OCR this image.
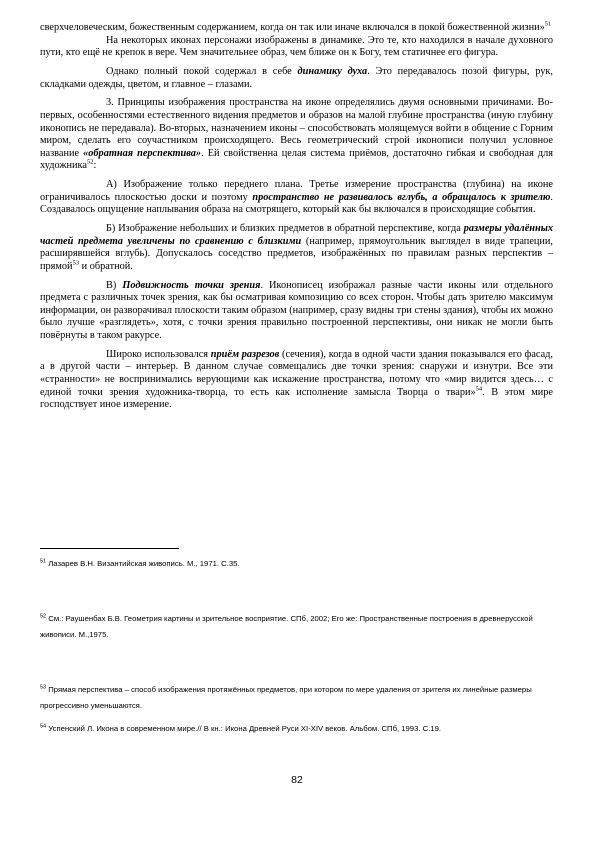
сверхчеловеческим, божественным содержанием, когда он так или иначе включался в покой божественной жизни»$^{51}$

На некоторых иконах персонажи изображены в динамике. Это те, кто находился в начале духовного пути, кто ещё не крепок в вере. Чем значительнее образ, чем ближе он к Богу, тем статичнее его фигура.

Однако полный покой содержал в себе динамику духа. Это передавалось позой фигуры, рук, складками одежды, цветом, и главное – глазами.

3. Принципы изображения пространства на иконе определялись двумя основными причинами. Во-первых, особенностями естественного видения предметов и образов на малой глубине пространства (иную глубину иконопись не передавала). Во-вторых, назначением иконы – способствовать молящемуся войти в общение с Горним миром, сделать его соучастником происходящего. Весь геометрический строй иконописи получил условное название «обратная перспектива». Ей свойственна целая система приёмов, достаточно гибкая и свободная для художника$^{52}$:

А) Изображение только переднего плана. Третье измерение пространства (глубина) на иконе ограничивалось плоскостью доски и поэтому пространство не развивалось вглубь, а обращалось к зрителю. Создавалось ощущение наплывания образа на смотрящего, который как бы включался в происходящие события.

Б) Изображение небольших и близких предметов в обратной перспективе, когда размеры удалённых частей предмета увеличены по сравнению с близкими (например, прямоугольник выглядел в виде трапеции, расширявшейся вглубь). Допускалось соседство предметов, изображённых по правилам разных перспектив – прямой$^{53}$ и обратной.

В) Подвижность точки зрения. Иконописец изображал разные части иконы или отдельного предмета с различных точек зрения, как бы осматривая композицию со всех сторон. Чтобы дать зрителю максимум информации, он разворачивал плоскости таким образом (например, сразу видны три стены здания), чтобы их можно было лучше «разглядеть», хотя, с точки зрения правильно построенной перспективы, они никак не могли быть повёрнуты в таком ракурсе.

Широко использовался приём разрезов (сечения), когда в одной части здания показывался его фасад, а в другой части – интерьер. В данном случае совмещались две точки зрения: снаружи и изнутри. Все эти «странности» не воспринимались верующими как искажение пространства, потому что «мир видится здесь… с единой точки зрения художника-творца, то есть как исполнение замысла Творца о твари»$^{54}$. В этом мире господствует иное измерение.

$^{51}$ Лазарев В.Н. Византийская живопись. М., 1971. С.35.
$^{52}$ См.: Раушенбах Б.В. Геометрия картины и зрительное восприятие. СПб, 2002; Его же: Пространственные построения в древнерусской живописи. М.,1975.
$^{53}$ Прямая перспектива – способ изображения протяжённых предметов, при котором по мере удаления от зрителя их линейные размеры прогрессивно уменьшаются.
$^{54}$ Успенский Л. Икона в современном мире.// В кн.: Икона Древней Руси XI-XIV веков. Альбом. СПб, 1993. С.19.
82
